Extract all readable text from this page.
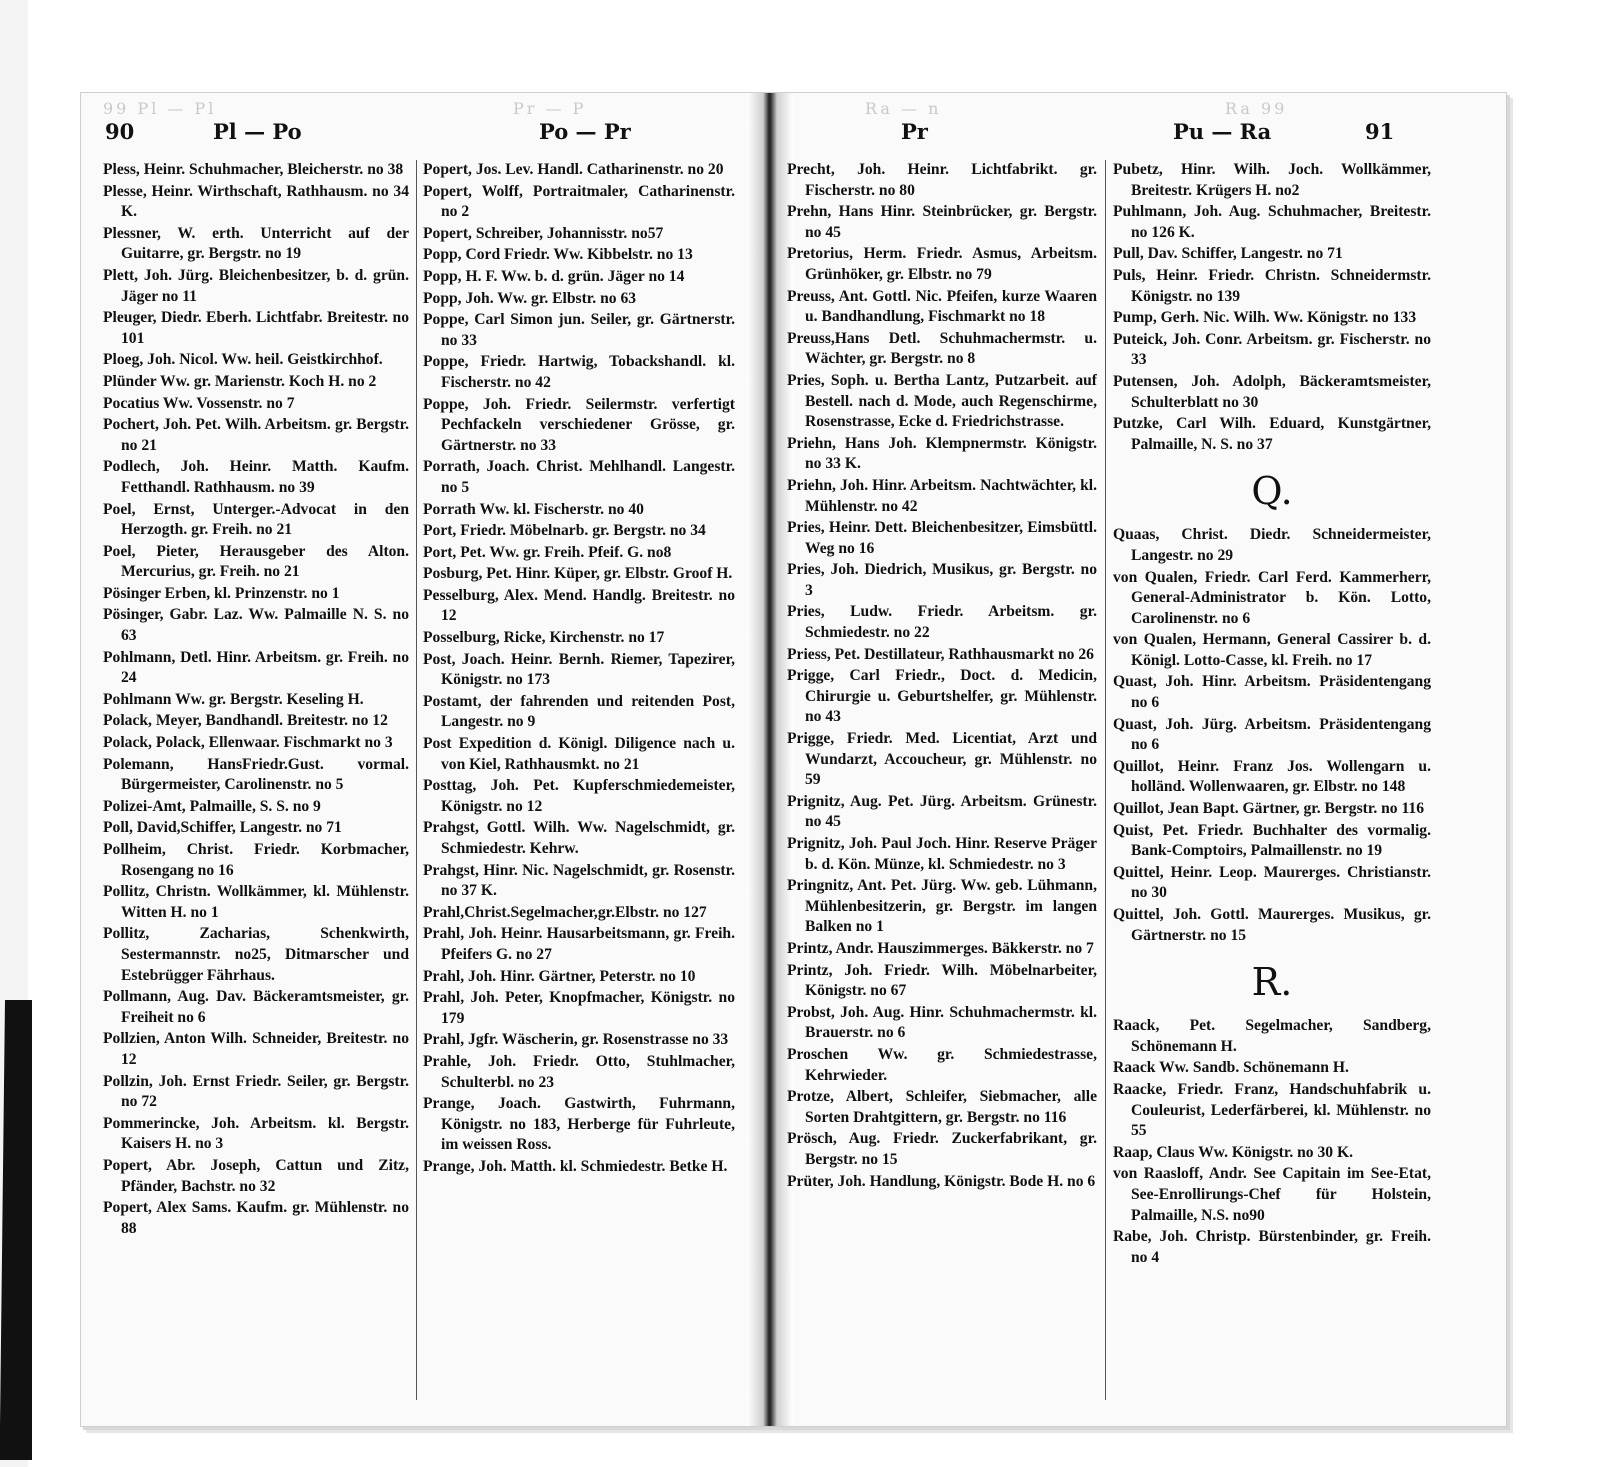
99 Pl — Pl	Pr — P
90	Pl — Po	Po — Pr
Pless, Heinr. Schuhmacher, Bleicherstr. no 38
Plesse, Heinr. Wirthschaft, Rathhausm. no 34 K.
Plessner, W. erth. Unterricht auf der Guitarre, gr. Bergstr. no 19
Plett, Joh. Jürg. Bleichenbesitzer, b. d. grün. Jäger no 11
Pleuger, Diedr. Eberh. Lichtfabr. Breitestr. no 101
Ploeg, Joh. Nicol. Ww. heil. Geistkirchhof.
Plünder Ww. gr. Marienstr. Koch H. no 2
Pocatius Ww. Vossenstr. no 7
Pochert, Joh. Pet. Wilh. Arbeitsm. gr. Bergstr. no 21
Podlech, Joh. Heinr. Matth. Kaufm. Fetthandl. Rathhausm. no 39
Poel, Ernst, Unterger.-Advocat in den Herzogth. gr. Freih. no 21
Poel, Pieter, Herausgeber des Alton. Mercurius, gr. Freih. no 21
Pösinger Erben, kl. Prinzenstr. no 1
Pösinger, Gabr. Laz. Ww. Palmaille N. S. no 63
Pohlmann, Detl. Hinr. Arbeitsm. gr. Freih. no 24
Pohlmann Ww. gr. Bergstr. Keseling H.
Polack, Meyer, Bandhandl. Breitestr. no 12
Polack, Polack, Ellenwaar. Fischmarkt no 3
Polemann, HansFriedr.Gust. vormal. Bürgermeister, Carolinenstr. no 5
Polizei-Amt, Palmaille, S. S. no 9
Poll, David,Schiffer, Langestr. no 71
Pollheim, Christ. Friedr. Korbmacher, Rosengang no 16
Pollitz, Christn. Wollkämmer, kl. Mühlenstr. Witten H. no 1
Pollitz, Zacharias, Schenkwirth, Sestermannstr. no25, Ditmarscher und Estebrügger Fährhaus.
Pollmann, Aug. Dav. Bäckeramtsmeister, gr. Freiheit no 6
Pollzien, Anton Wilh. Schneider, Breitestr. no 12
Pollzin, Joh. Ernst Friedr. Seiler, gr. Bergstr. no 72
Pommerincke, Joh. Arbeitsm. kl. Bergstr. Kaisers H. no 3
Popert, Abr. Joseph, Cattun und Zitz, Pfänder, Bachstr. no 32
Popert, Alex Sams. Kaufm. gr. Mühlenstr. no 88
Popert, Jos. Lev. Handl. Catharinenstr. no 20
Popert, Wolff, Portraitmaler, Catharinenstr. no 2
Popert, Schreiber, Johannisstr. no57
Popp, Cord Friedr. Ww. Kibbelstr. no 13
Popp, H. F. Ww. b. d. grün. Jäger no 14
Popp, Joh. Ww. gr. Elbstr. no 63
Poppe, Carl Simon jun. Seiler, gr. Gärtnerstr. no 33
Poppe, Friedr. Hartwig, Tobackshandl. kl. Fischerstr. no 42
Poppe, Joh. Friedr. Seilermstr. verfertigt Pechfackeln verschiedener Grösse, gr. Gärtnerstr. no 33
Porrath, Joach. Christ. Mehlhandl. Langestr. no 5
Porrath Ww. kl. Fischerstr. no 40
Port, Friedr. Möbelnarb. gr. Bergstr. no 34
Port, Pet. Ww. gr. Freih. Pfeif. G. no8
Posburg, Pet. Hinr. Küper, gr. Elbstr. Groof H.
Pesselburg, Alex. Mend. Handlg. Breitestr. no 12
Posselburg, Ricke, Kirchenstr. no 17
Post, Joach. Heinr. Bernh. Riemer, Tapezirer, Königstr. no 173
Postamt, der fahrenden und reitenden Post, Langestr. no 9
Post Expedition d. Königl. Diligence nach u. von Kiel, Rathhausmkt. no 21
Posttag, Joh. Pet. Kupferschmiedemeister, Königstr. no 12
Prahgst, Gottl. Wilh. Ww. Nagelschmidt, gr. Schmiedestr. Kehrw.
Prahgst, Hinr. Nic. Nagelschmidt, gr. Rosenstr. no 37 K.
Prahl,Christ.Segelmacher,gr.Elbstr. no 127
Prahl, Joh. Heinr. Hausarbeitsmann, gr. Freih. Pfeifers G. no 27
Prahl, Joh. Hinr. Gärtner, Peterstr. no 10
Prahl, Joh. Peter, Knopfmacher, Königstr. no 179
Prahl, Jgfr. Wäscherin, gr. Rosenstrasse no 33
Prahle, Joh. Friedr. Otto, Stuhlmacher, Schulterbl. no 23
Prange, Joach. Gastwirth, Fuhrmann, Königstr. no 183, Herberge für Fuhrleute, im weissen Ross.
Prange, Joh. Matth. kl. Schmiedestr. Betke H.
Ra — n	Ra 99
Pr	Pu — Ra	91
Precht, Joh. Heinr. Lichtfabrikt. gr. Fischerstr. no 80
Prehn, Hans Hinr. Steinbrücker, gr. Bergstr. no 45
Pretorius, Herm. Friedr. Asmus, Arbeitsm. Grünhöker, gr. Elbstr. no 79
Preuss, Ant. Gottl. Nic. Pfeifen, kurze Waaren u. Bandhandlung, Fischmarkt no 18
Preuss,Hans Detl. Schuhmachermstr. u. Wächter, gr. Bergstr. no 8
Pries, Soph. u. Bertha Lantz, Putzarbeit. auf Bestell. nach d. Mode, auch Regenschirme, Rosenstrasse, Ecke d. Friedrichstrasse.
Priehn, Hans Joh. Klempnermstr. Königstr. no 33 K.
Priehn, Joh. Hinr. Arbeitsm. Nachtwächter, kl. Mühlenstr. no 42
Pries, Heinr. Dett. Bleichenbesitzer, Eimsbüttl. Weg no 16
Pries, Joh. Diedrich, Musikus, gr. Bergstr. no 3
Pries, Ludw. Friedr. Arbeitsm. gr. Schmiedestr. no 22
Priess, Pet. Destillateur, Rathhausmarkt no 26
Prigge, Carl Friedr., Doct. d. Medicin, Chirurgie u. Geburtshelfer, gr. Mühlenstr. no 43
Prigge, Friedr. Med. Licentiat, Arzt und Wundarzt, Accoucheur, gr. Mühlenstr. no 59
Prignitz, Aug. Pet. Jürg. Arbeitsm. Grünestr. no 45
Prignitz, Joh. Paul Joch. Hinr. Reserve Präger b. d. Kön. Münze, kl. Schmiedestr. no 3
Pringnitz, Ant. Pet. Jürg. Ww. geb. Lühmann, Mühlenbesitzerin, gr. Bergstr. im langen Balken no 1
Printz, Andr. Hauszimmerges. Bäkkerstr. no 7
Printz, Joh. Friedr. Wilh. Möbelnarbeiter, Königstr. no 67
Probst, Joh. Aug. Hinr. Schuhmachermstr. kl. Brauerstr. no 6
Proschen Ww. gr. Schmiedestrasse, Kehrwieder.
Protze, Albert, Schleifer, Siebmacher, alle Sorten Drahtgittern, gr. Bergstr. no 116
Prösch, Aug. Friedr. Zuckerfabrikant, gr. Bergstr. no 15
Prüter, Joh. Handlung, Königstr. Bode H. no 6
Pubetz, Hinr. Wilh. Joch. Wollkämmer, Breitestr. Krügers H. no2
Puhlmann, Joh. Aug. Schuhmacher, Breitestr. no 126 K.
Pull, Dav. Schiffer, Langestr. no 71
Puls, Heinr. Friedr. Christn. Schneidermstr. Königstr. no 139
Pump, Gerh. Nic. Wilh. Ww. Königstr. no 133
Puteick, Joh. Conr. Arbeitsm. gr. Fischerstr. no 33
Putensen, Joh. Adolph, Bäckeramtsmeister, Schulterblatt no 30
Putzke, Carl Wilh. Eduard, Kunstgärtner, Palmaille, N. S. no 37
Q.
Quaas, Christ. Diedr. Schneidermeister, Langestr. no 29
von Qualen, Friedr. Carl Ferd. Kammerherr, General-Administrator b. Kön. Lotto, Carolinenstr. no 6
von Qualen, Hermann, General Cassirer b. d. Königl. Lotto-Casse, kl. Freih. no 17
Quast, Joh. Hinr. Arbeitsm. Präsidentengang no 6
Quast, Joh. Jürg. Arbeitsm. Präsidentengang no 6
Quillot, Heinr. Franz Jos. Wollengarn u. holländ. Wollenwaaren, gr. Elbstr. no 148
Quillot, Jean Bapt. Gärtner, gr. Bergstr. no 116
Quist, Pet. Friedr. Buchhalter des vormalig. Bank-Comptoirs, Palmaillenstr. no 19
Quittel, Heinr. Leop. Maurerges. Christianstr. no 30
Quittel, Joh. Gottl. Maurerges. Musikus, gr. Gärtnerstr. no 15
R.
Raack, Pet. Segelmacher, Sandberg, Schönemann H.
Raack Ww. Sandb. Schönemann H.
Raacke, Friedr. Franz, Handschuhfabrik u. Couleurist, Lederfärberei, kl. Mühlenstr. no 55
Raap, Claus Ww. Königstr. no 30 K.
von Raasloff, Andr. See Capitain im See-Etat, See-Enrollirungs-Chef für Holstein, Palmaille, N.S. no90
Rabe, Joh. Christp. Bürstenbinder, gr. Freih. no 4
